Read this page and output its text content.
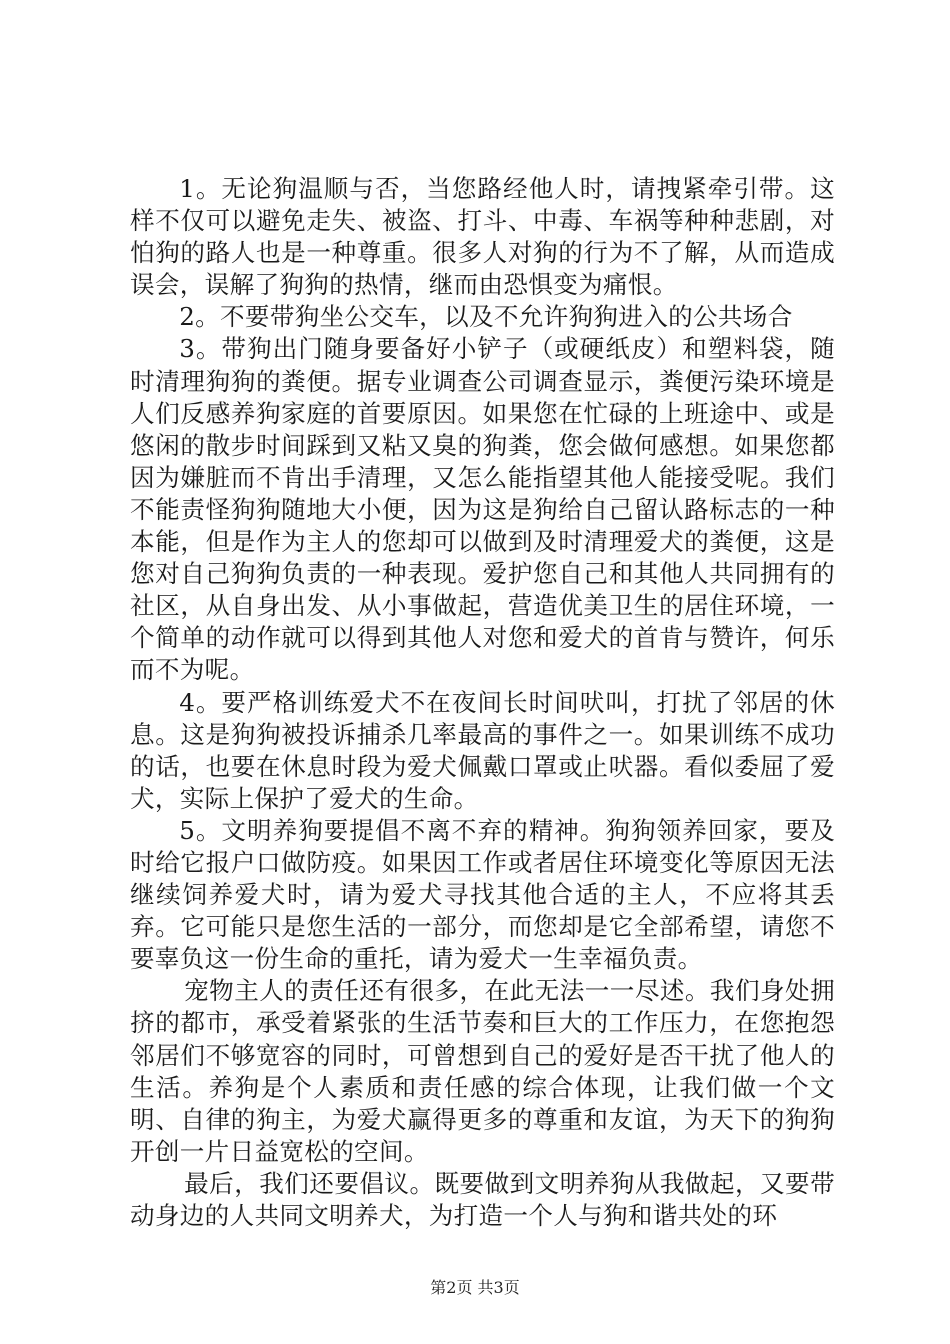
1。无论狗温顺与否，当您路经他人时，请拽紧牵引带。这样不仅可以避免走失、被盗、打斗、中毒、车祸等种种悲剧，对怕狗的路人也是一种尊重。很多人对狗的行为不了解，从而造成误会，误解了狗狗的热情，继而由恐惧变为痛恨。

2。不要带狗坐公交车，以及不允许狗狗进入的公共场合

3。带狗出门随身要备好小铲子（或硬纸皮）和塑料袋，随时清理狗狗的粪便。据专业调查公司调查显示，粪便污染环境是人们反感养狗家庭的首要原因。如果您在忙碌的上班途中、或是悠闲的散步时间踩到又粘又臭的狗粪，您会做何感想。如果您都因为嫌脏而不肯出手清理，又怎么能指望其他人能接受呢。我们不能责怪狗狗随地大小便，因为这是狗给自己留认路标志的一种本能，但是作为主人的您却可以做到及时清理爱犬的粪便，这是您对自己狗狗负责的一种表现。爱护您自己和其他人共同拥有的社区，从自身出发、从小事做起，营造优美卫生的居住环境，一个简单的动作就可以得到其他人对您和爱犬的首肯与赞许，何乐而不为呢。

4。要严格训练爱犬不在夜间长时间吠叫，打扰了邻居的休息。这是狗狗被投诉捕杀几率最高的事件之一。如果训练不成功的话，也要在休息时段为爱犬佩戴口罩或止吠器。看似委屈了爱犬，实际上保护了爱犬的生命。

5。文明养狗要提倡不离不弃的精神。狗狗领养回家，要及时给它报户口做防疫。如果因工作或者居住环境变化等原因无法继续饲养爱犬时，请为爱犬寻找其他合适的主人，不应将其丢弃。它可能只是您生活的一部分，而您却是它全部希望，请您不要辜负这一份生命的重托，请为爱犬一生幸福负责。

宠物主人的责任还有很多，在此无法一一尽述。我们身处拥挤的都市，承受着紧张的生活节奏和巨大的工作压力，在您抱怨邻居们不够宽容的同时，可曾想到自己的爱好是否干扰了他人的生活。养狗是个人素质和责任感的综合体现，让我们做一个文明、自律的狗主，为爱犬赢得更多的尊重和友谊，为天下的狗狗开创一片日益宽松的空间。

最后，我们还要倡议。既要做到文明养狗从我做起，又要带动身边的人共同文明养犬，为打造一个人与狗和谐共处的环

第2页 共3页
